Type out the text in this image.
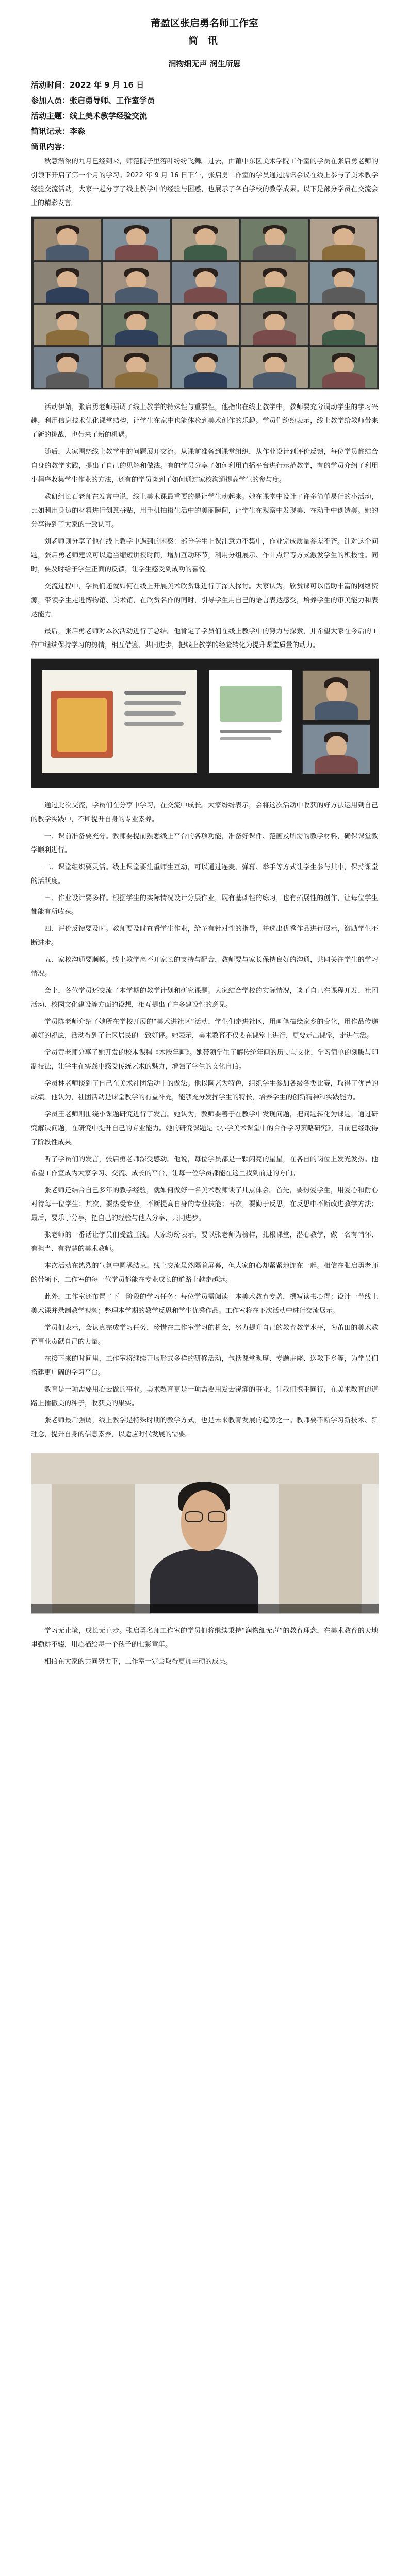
莆盈区张启勇名师工作室

简 讯

润物细无声 润生所思

活动时间：2022 年 9 月 16 日

参加人员：张启勇导师、工作室学员

活动主题：线上美术教学经验交流

简讯记录：李淼

简讯内容：

秋意渐浓的九月已经到来，师范院子里落叶纷纷飞舞。过去，由莆中东区美术学院工作室的学员在张启勇老师的引领下开启了第一个月的学习。2022 年 9 月 16 日下午，张启勇工作室的学员通过腾讯会议在线上参与了美术教学经验交流活动，大家一起分享了线上教学中的经验与困惑，也展示了各自学校的教学成果。以下是部分学员在交流会上的精彩发言。

活动伊始，张启勇老师强调了线上教学的特殊性与重要性，他指出在线上教学中，教师要充分调动学生的学习兴趣，利用信息技术优化课堂结构，让学生在家中也能体验到美术创作的乐趣。学员们纷纷表示，线上教学给教师带来了新的挑战，也带来了新的机遇。

随后，大家围绕线上教学中的问题展开交流。从课前准备到课堂组织，从作业设计到评价反馈，每位学员都结合自身的教学实践，提出了自己的见解和做法。有的学员分享了如何利用直播平台进行示范教学，有的学员介绍了利用小程序收集学生作业的方法，还有的学员谈到了如何通过家校沟通提高学生的参与度。

教研组长石老师在发言中说，线上美术课最重要的是让学生动起来。她在课堂中设计了许多简单易行的小活动，比如利用身边的材料进行创意拼贴，用手机拍摄生活中的美丽瞬间，让学生在观察中发现美、在动手中创造美。她的分享得到了大家的一致认可。

刘老师则分享了他在线上教学中遇到的困惑：部分学生上课注意力不集中，作业完成质量参差不齐。针对这个问题，张启勇老师建议可以适当缩短讲授时间，增加互动环节，利用分组展示、作品点评等方式激发学生的积极性。同时，要及时给予学生正面的反馈，让学生感受到成功的喜悦。

交流过程中，学员们还就如何在线上开展美术欣赏课进行了深入探讨。大家认为，欣赏课可以借助丰富的网络资源，带领学生走进博物馆、美术馆，在欣赏名作的同时，引导学生用自己的语言表达感受，培养学生的审美能力和表达能力。

最后，张启勇老师对本次活动进行了总结。他肯定了学员们在线上教学中的努力与探索，并希望大家在今后的工作中继续保持学习的热情，相互借鉴、共同进步，把线上教学的经验转化为提升课堂质量的动力。

通过此次交流，学员们在分享中学习，在交流中成长。大家纷纷表示，会将这次活动中收获的好方法运用到自己的教学实践中，不断提升自身的专业素养。

一、课前准备要充分。教师要提前熟悉线上平台的各项功能，准备好课件、范画及所需的教学材料，确保课堂教学顺利进行。

二、课堂组织要灵活。线上课堂要注重师生互动，可以通过连麦、弹幕、举手等方式让学生参与其中，保持课堂的活跃度。

三、作业设计要多样。根据学生的实际情况设计分层作业，既有基础性的练习，也有拓展性的创作，让每位学生都能有所收获。

四、评价反馈要及时。教师要及时查看学生作业，给予有针对性的指导，并选出优秀作品进行展示，激励学生不断进步。

五、家校沟通要顺畅。线上教学离不开家长的支持与配合，教师要与家长保持良好的沟通，共同关注学生的学习情况。

会上，各位学员还交流了本学期的教学计划和研究课题。大家结合学校的实际情况，谈了自己在课程开发、社团活动、校园文化建设等方面的设想，相互提出了许多建设性的意见。

学员陈老师介绍了她所在学校开展的“美术进社区”活动，学生们走进社区，用画笔描绘家乡的变化，用作品传递美好的祝愿，活动得到了社区居民的一致好评。她表示，美术教育不仅要在课堂上进行，更要走出课堂，走进生活。

学员黄老师分享了她开发的校本课程《木版年画》。她带领学生了解传统年画的历史与文化，学习简单的刻版与印制技法，让学生在实践中感受传统艺术的魅力，增强了学生的文化自信。

学员林老师谈到了自己在美术社团活动中的做法。他以陶艺为特色，组织学生参加各级各类比赛，取得了优异的成绩。他认为，社团活动是课堂教学的有益补充，能够充分发挥学生的特长，培养学生的创新精神和实践能力。

学员王老师则围绕小课题研究进行了发言。她认为，教师要善于在教学中发现问题，把问题转化为课题，通过研究解决问题，在研究中提升自己的专业能力。她的研究课题是《小学美术课堂中的合作学习策略研究》，目前已经取得了阶段性成果。

听了学员们的发言，张启勇老师深受感动。他说，每位学员都是一颗闪亮的星星，在各自的岗位上发光发热。他希望工作室成为大家学习、交流、成长的平台，让每一位学员都能在这里找到前进的方向。

张老师还结合自己多年的教学经验，就如何做好一名美术教师谈了几点体会。首先，要热爱学生，用爱心和耐心对待每一位学生；其次，要热爱专业，不断提高自身的专业技能；再次，要勤于反思，在反思中不断改进教学方法；最后，要乐于分享，把自己的经验与他人分享，共同进步。

张老师的一番话让学员们受益匪浅。大家纷纷表示，要以张老师为榜样，扎根课堂，潜心教学，做一名有情怀、有担当、有智慧的美术教师。

本次活动在热烈的气氛中圆满结束。线上交流虽然隔着屏幕，但大家的心却紧紧地连在一起。相信在张启勇老师的带领下，工作室的每一位学员都能在专业成长的道路上越走越远。

此外，工作室还布置了下一阶段的学习任务：每位学员需阅读一本美术教育专著，撰写读书心得；设计一节线上美术课并录制教学视频；整理本学期的教学反思和学生优秀作品。工作室将在下次活动中进行交流展示。

学员们表示，会认真完成学习任务，珍惜在工作室学习的机会，努力提升自己的教育教学水平，为莆田的美术教育事业贡献自己的力量。

在接下来的时间里，工作室将继续开展形式多样的研修活动，包括课堂观摩、专题讲座、送教下乡等，为学员们搭建更广阔的学习平台。

教育是一项需要用心去做的事业。美术教育更是一项需要用爱去浇灌的事业。让我们携手同行，在美术教育的道路上播撒美的种子，收获美的果实。

张老师最后强调，线上教学是特殊时期的教学方式，也是未来教育发展的趋势之一。教师要不断学习新技术、新理念，提升自身的信息素养，以适应时代发展的需要。

学习无止境，成长无止步。张启勇名师工作室的学员们将继续秉持“润物细无声”的教育理念，在美术教育的天地里勤耕不辍，用心描绘每一个孩子的七彩童年。

相信在大家的共同努力下，工作室一定会取得更加丰硕的成果。
